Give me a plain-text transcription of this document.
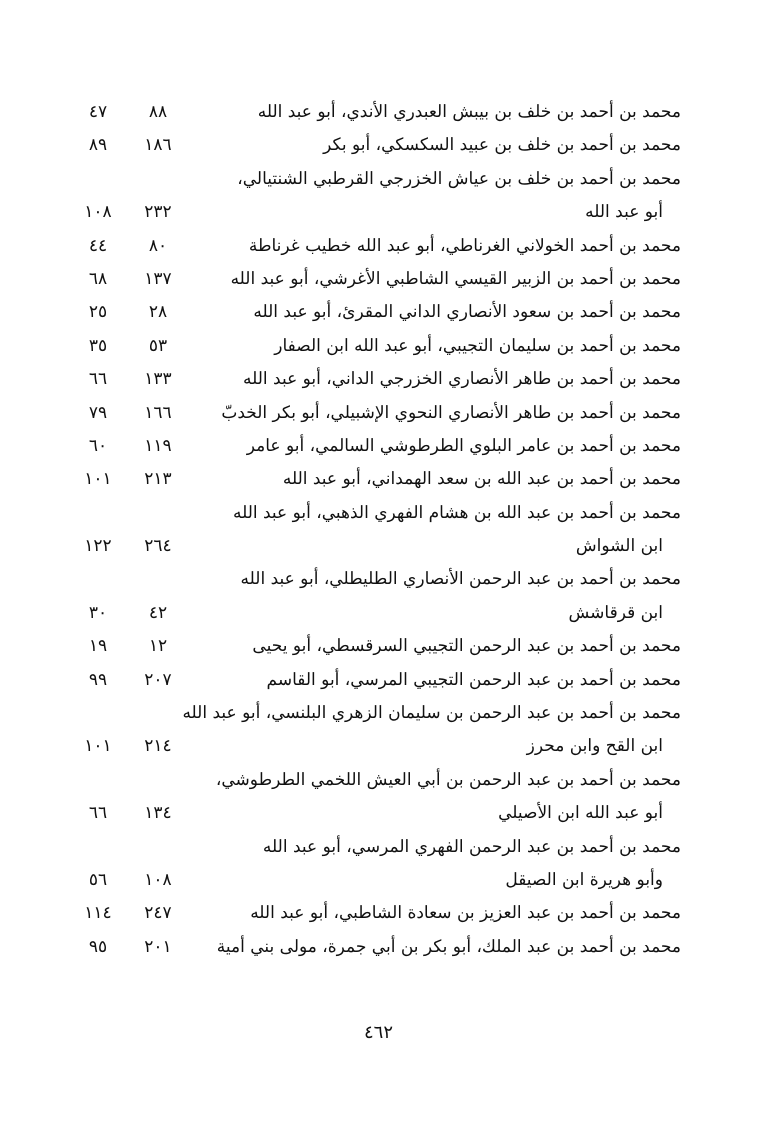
محمد بن أحمد بن خلف بن بيبش العبدري الأندي، أبو عبد الله
٨٨
٤٧
محمد بن أحمد بن خلف بن عبيد السكسكي، أبو بكر
١٨٦
٨٩
محمد بن أحمد بن خلف بن عياش الخزرجي القرطبي الشنتيالي،
أبو عبد الله
٢٣٢
١٠٨
محمد بن أحمد الخولاني الغرناطي، أبو عبد الله خطيب غرناطة
٨٠
٤٤
محمد بن أحمد بن الزبير القيسي الشاطبي الأغرشي، أبو عبد الله
١٣٧
٦٨
محمد بن أحمد بن سعود الأنصاري الداني المقرئ، أبو عبد الله
٢٨
٢٥
محمد بن أحمد بن سليمان التجيبي، أبو عبد الله ابن الصفار
٥٣
٣٥
محمد بن أحمد بن طاهر الأنصاري الخزرجي الداني، أبو عبد الله
١٣٣
٦٦
محمد بن أحمد بن طاهر الأنصاري النحوي الإشبيلي، أبو بكر الخدبّ
١٦٦
٧٩
محمد بن أحمد بن عامر البلوي الطرطوشي السالمي، أبو عامر
١١٩
٦٠
محمد بن أحمد بن عبد الله بن سعد الهمداني، أبو عبد الله
٢١٣
١٠١
محمد بن أحمد بن عبد الله بن هشام الفهري الذهبي، أبو عبد الله
ابن الشواش
٢٦٤
١٢٢
محمد بن أحمد بن عبد الرحمن الأنصاري الطليطلي، أبو عبد الله
ابن قرقاشش
٤٢
٣٠
محمد بن أحمد بن عبد الرحمن التجيبي السرقسطي، أبو يحيى
١٢
١٩
محمد بن أحمد بن عبد الرحمن التجيبي المرسي، أبو القاسم
٢٠٧
٩٩
محمد بن أحمد بن عبد الرحمن بن سليمان الزهري البلنسي، أبو عبد الله
ابن القح وابن محرز
٢١٤
١٠١
محمد بن أحمد بن عبد الرحمن بن أبي العيش اللخمي الطرطوشي،
أبو عبد الله ابن الأصيلي
١٣٤
٦٦
محمد بن أحمد بن عبد الرحمن الفهري المرسي، أبو عبد الله
وأبو هريرة ابن الصيقل
١٠٨
٥٦
محمد بن أحمد بن عبد العزيز بن سعادة الشاطبي، أبو عبد الله
٢٤٧
١١٤
محمد بن أحمد بن عبد الملك، أبو بكر بن أبي جمرة، مولى بني أمية
٢٠١
٩٥
٤٦٢
